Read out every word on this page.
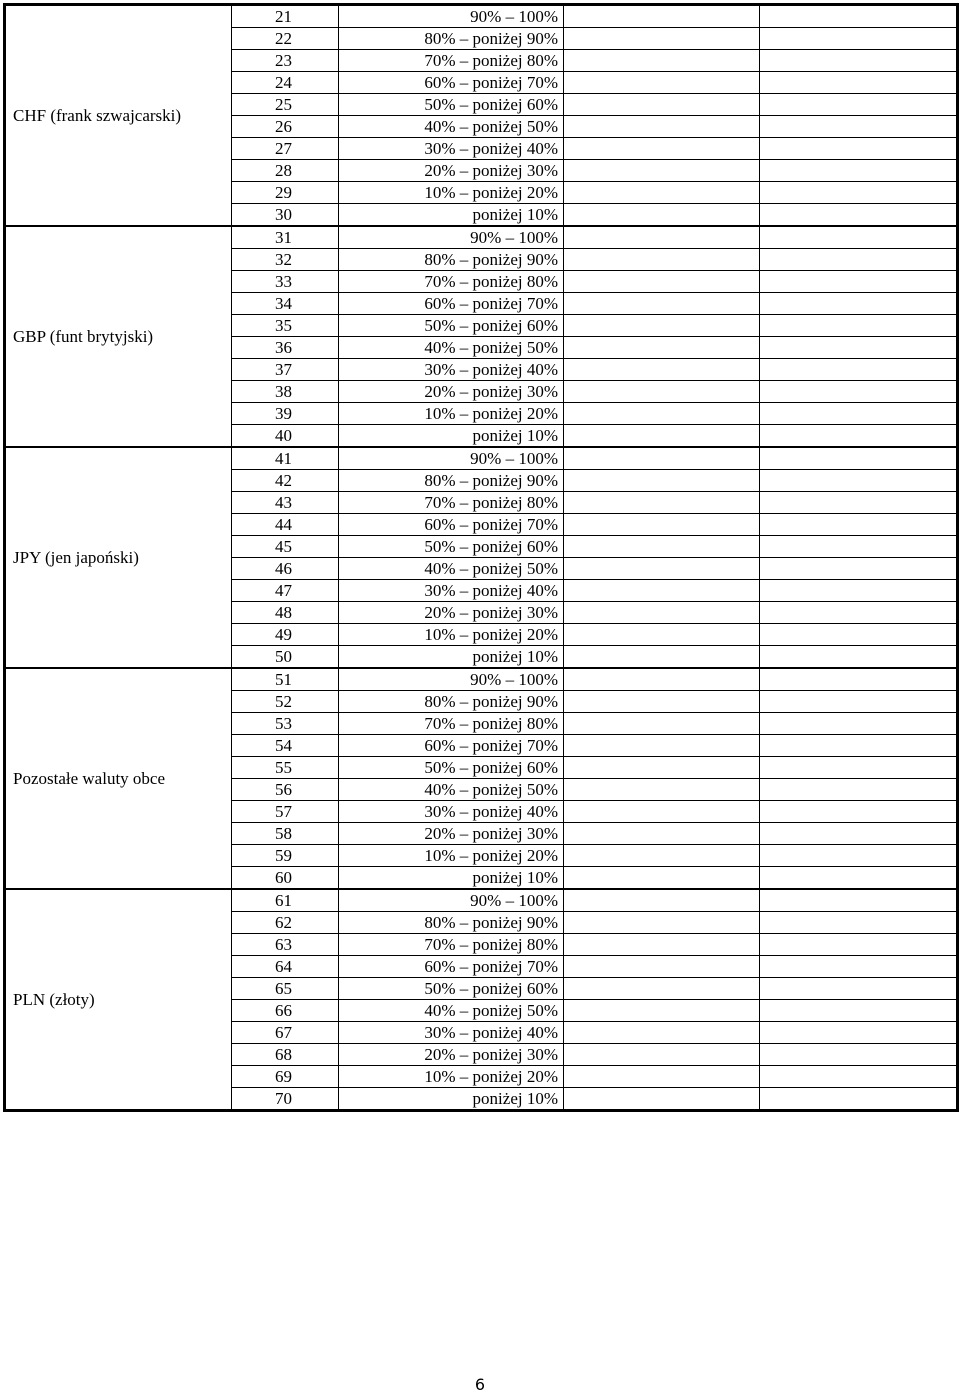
CHF (frank szwajcarski)	21	90% – 100%		
	22	80% – poniżej 90%		
	23	70% – poniżej 80%		
	24	60% – poniżej 70%		
	25	50% – poniżej 60%		
	26	40% – poniżej 50%		
	27	30% – poniżej 40%		
	28	20% – poniżej 30%		
	29	10% – poniżej 20%		
	30	poniżej 10%		
GBP (funt brytyjski)	31	90% – 100%		
	32	80% – poniżej 90%		
	33	70% – poniżej 80%		
	34	60% – poniżej 70%		
	35	50% – poniżej 60%		
	36	40% – poniżej 50%		
	37	30% – poniżej 40%		
	38	20% – poniżej 30%		
	39	10% – poniżej 20%		
	40	poniżej 10%		
JPY (jen japoński)	41	90% – 100%		
	42	80% – poniżej 90%		
	43	70% – poniżej 80%		
	44	60% – poniżej 70%		
	45	50% – poniżej 60%		
	46	40% – poniżej 50%		
	47	30% – poniżej 40%		
	48	20% – poniżej 30%		
	49	10% – poniżej 20%		
	50	poniżej 10%		
Pozostałe waluty obce	51	90% – 100%		
	52	80% – poniżej 90%		
	53	70% – poniżej 80%		
	54	60% – poniżej 70%		
	55	50% – poniżej 60%		
	56	40% – poniżej 50%		
	57	30% – poniżej 40%		
	58	20% – poniżej 30%		
	59	10% – poniżej 20%		
	60	poniżej 10%		
PLN (złoty)	61	90% – 100%		
	62	80% – poniżej 90%		
	63	70% – poniżej 80%		
	64	60% – poniżej 70%		
	65	50% – poniżej 60%		
	66	40% – poniżej 50%		
	67	30% – poniżej 40%		
	68	20% – poniżej 30%		
	69	10% – poniżej 20%		
	70	poniżej 10%		
6
